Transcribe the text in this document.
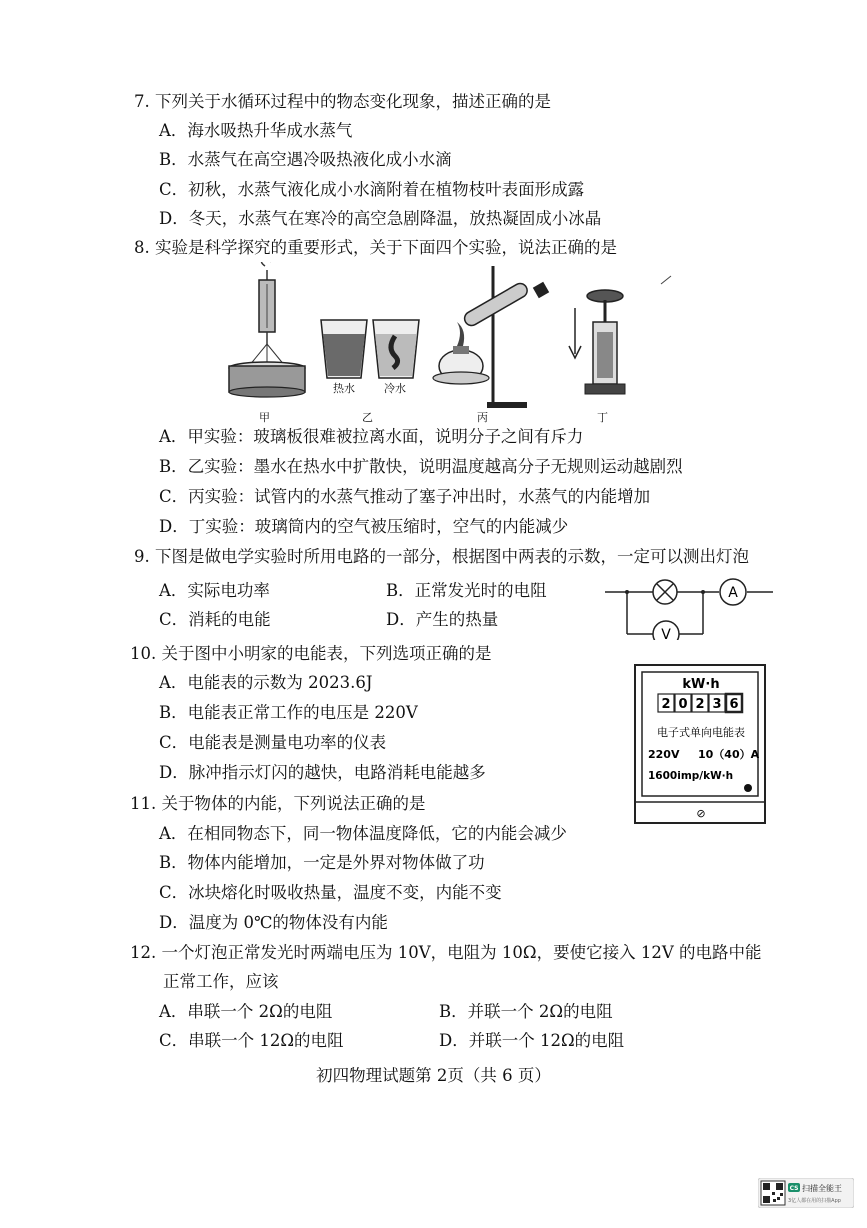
7. 下列关于水循环过程中的物态变化现象，描述正确的是
A．海水吸热升华成水蒸气
B．水蒸气在高空遇冷吸热液化成小水滴
C．初秋，水蒸气液化成小水滴附着在植物枝叶表面形成露
D．冬天，水蒸气在寒冷的高空急剧降温，放热凝固成小冰晶
8. 实验是科学探究的重要形式，关于下面四个实验，说法正确的是
热水	冷水
甲	乙	丙	丁
A．甲实验：玻璃板很难被拉离水面，说明分子之间有斥力
B．乙实验：墨水在热水中扩散快，说明温度越高分子无规则运动越剧烈
C．丙实验：试管内的水蒸气推动了塞子冲出时，水蒸气的内能增加
D．丁实验：玻璃筒内的空气被压缩时，空气的内能减少
9. 下图是做电学实验时所用电路的一部分，根据图中两表的示数，一定可以测出灯泡
A．实际电功率	B．正常发光时的电阻
C．消耗的电能	D．产生的热量
A
V
10. 关于图中小明家的电能表，下列选项正确的是
A．电能表的示数为 2023.6J
B．电能表正常工作的电压是 220V
C．电能表是测量电功率的仪表
D．脉冲指示灯闪的越快，电路消耗电能越多
kW·h
2 0 2 3 6
电子式单向电能表
220V 10（40）A
1600imp/kW·h
⊘
11. 关于物体的内能，下列说法正确的是
A．在相同物态下，同一物体温度降低，它的内能会减少
B．物体内能增加，一定是外界对物体做了功
C．冰块熔化时吸收热量，温度不变，内能不变
D．温度为 0℃的物体没有内能
12. 一个灯泡正常发光时两端电压为 10V，电阻为 10Ω，要使它接入 12V 的电路中能
正常工作，应该
A．串联一个 2Ω的电阻	B．并联一个 2Ω的电阻
C．串联一个 12Ω的电阻	D．并联一个 12Ω的电阻
初四物理试题第 2页（共 6 页）
CS 扫描全能王
3亿人都在用的扫描App
